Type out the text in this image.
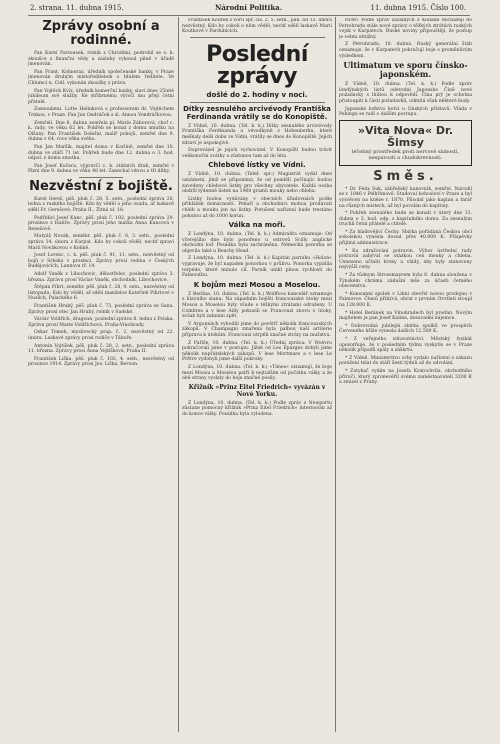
2. strana. 11. dubna 1915.	Národní Politika.	11. dubna 1915. Číslo 100.
Zprávy osobní a rodinné.

Pan Karel Pavlousek, rolník z Chrudimi, podrobil se s. k. zkoušce z finanční vědy a zásluhy vykonal pilně v úřadě jmenován.

Pan Frant. Kolmeraz, úředník společenské banky, v Praze jmenován druhým místoředitelem s titulem ředitele. Ve Chlumci n. Cidl. vykonán zkoušky z práva.

Pan Vojtěch Kvíz, úředník komerční banky, slaví dnes 25leté jubileum své služby. Ke stříbrnému výročí mu přejí četní přátelé.

Zasnoubení. Lotte Helmková s professorem dr. Vojtěchem Trnkou, v Praze. Pan Jan Ondráček s sl. Annou Vondráčkovou.

Zemřeli. Dne 8. dubna zemřela pí. Marie Záhorová, choť c. k. rady, ve věku 62 let. Pohřeb se konal z domu smutku na Olšany. Pan František Doležal, malíř pokojů, zemřel dne 9. dubna v 64. roce věku svého.

Pan Jan Maršík, majitel domu v Karlíně, zemřel dne 10. dubna ve stáří 71 let. Pohřeb bude dne 12. dubna o 3. hod. odpol. z domu smutku.

Pan Josef Kučera, výpravčí c. k. státních drah, zemřel v Plzni dne 9. dubna ve věku 48 let. Zanechal vdovu a tři dítky.

Nezvěstní z bojiště.

Karel Gereš, pěš. pluk č. 28, 5. setn., poslední zpráva 20. ledna z ruského bojiště. Kdo by věděl o jeho osudu, ať laskavě sdělí Fr. Gerešové, Praha II., Žitná ul. 18.

Podřídíci Josef Kunc, pěš. pluk č. 102, poslední zpráva 29. prosince z Haliče. Zprávy prosí jeho matka Anna Kuncová v Benešově.

Matyáš Novák, zeměbr. pěš. pluk č. 8, 3. setn., poslední zpráva 14. února z Karpat. Kdo by cokoli věděl, nechť zpraví Marii Novákovou v Kolíně.

Josef Lorenc, c. k. pěš. pluk č. 91, 11. setn., nezvěstný od bojů v Srbsku v prosinci. Zprávy prosí rodina v Českých Budějovicích, Lannova tř. 14.

Adolf Vaněk z Libochovic, dělostřelec, poslední zpráva 3. března. Zprávu prosí Václav Vaněk, obchodník, Libochovice.

Štěpán Píhrt, zeměbr. pěš. pluk č. 28, 9. setn., nezvěstný od listopadu. Kdo by věděl, ať sdělí manželce Kateřině Píhrtové v Nuslích, Palackého 6.

František Hrubý, pěš. pluk č. 73, poslední zpráva ze Sanu. Zprávy prosí otec Jan Hrubý, rolník v Sadské.

Václav Voldřich, dragoun, poslední zpráva 8. ledna z Polska. Zprávu prosí Marie Voldřichová, Praha-Vinohrady.

Oskar Tomek, myslivecký prap. č. 2, nezvěstný od 22. února. Laskavé zprávy prosí rodiče v Táboře.

Antonín Vojtíšek, pěš. pluk č. 28, 2. setn., poslední zpráva 11. března. Zprávy prosí Anna Vojtíšková, Praha II.

František Liška, pěš. pluk č. 102, 4. setn., nezvěstný od prosince 1914. Zprávy prosí Jos. Liška, Beroun.

František Koutek z voru spr. čís. 2, 5. setn., pan. od 13. února nezvěstný. Kdo by cokoli o něm věděl, nechť sdělí laskavě Marii Koutkové v Pardubicích.

Poslední zprávy
došlé do 2. hodiny v noci.
Dítky zesnulého arcivévody Františka Ferdinanda vrátily se do Konopiště.

Z Vídně, 10. dubna. (Tel. k. k.) Dítky zesnulého arcivévody Františka Ferdinanda a vévodkyně z Hohenberku, které meškaly delší dobu ve Vídni, vrátily se dnes do Konopiště. Jejich zdraví je uspokojivé.

Doprovázel je jejich vychovatel. V Konopišti budou trávit velikonoční svátky a zůstanou tam až do léta.

Chlebové lístky ve Vídni.

Z Vídně, 10. dubna. (Telef. spr.) Magistrát vydal dnes oznámení, jímž se připomíná, že od pondělí počínajíc budou zavedeny chlebové lístky pro všechny obyvatele. Každá osoba obdrží týdenně lístek na 1960 gramů mouky nebo chleba.

Lístky budou vydávány v obecních úřadovnách podle přihlášek domácností. Pekaři a obchodníci mohou prodávati chléb a mouku jen na lístky. Porušení nařízení bude trestáno pokutou až do 1000 korun.

Válka na moři.

Z Londýna, 10. dubna. (Tel. k. k.) Admiralita oznamuje: Od včerejšího dne bylo ponořeno u ostrovů Scilly anglické obchodní loď. Posádka byla zachráněna. Německá ponorka se objevila také u Beachy Head.

Z Londýna, 10. dubna. (Tel. k. k.) Kapitán parníku »Holon« vypravuje, že byl napaden ponorkou v průlivu. Ponorka vypálila torpédo, které minulo cíl. Parník unikl plnou rychlostí do Falmouthu.

K bojům mezi Mosou a Moselou.

Z Berlína, 10. dubna. (Tel. k. k.) Wolffova kancelář oznamuje z hlavního stanu: Na západním bojišti francouzské útoky mezi Mosou a Moselou byly všude s těžkými ztrátami odraženy. U Combres a v lese Ailly pokusili se Francouzi znovu o útoky, avšak byli zahnáni zpět.

V Argonnách vyhodili jsme do povětří několik francouzských zákopů. V Champagni zmařena byla palbou naší artilerie příprava k útokům. Francouzi utrpěli značné ztráty na mužstvu.

Z Paříže, 10. dubna. (Tel. k. k.) Úřední zpráva: V Woëvru pokračovali jsme v postupu. Jižně od Les Éparges dobyli jsme několik nepřátelských zákopů. V lese Mortmare a v lese Le Prêtre vydobyli jsme další pokroky.

Z Londýna, 10. dubna. (Tel. k. k.) »Times« oznamují, že boje mezi Mosou a Moselou patří k nejtužším od počátku války a že obě strany vyslaly do boje značné posily.

Křižník »Prinz Eitel Friedrich« vyvázán v Nové Yorku.

Z Londýna, 10. dubna. (Tel. k. k.) Podle zpráv z Newportu zůstane pomocný křižník »Prinz Eitel Friedrich« internován až do konce války. Posádka byla vylodena.

richt« Podle zpráv zaslaných z Kodaně docházejí do Petrohradu stále nové zprávy o těžkých ztrátách ruských vojsk v Karpatech. Ruské noviny připouštějí, že postup je velmi obtížný.

Z Petrohradu, 10. dubna. Ruský generální štáb oznamuje, že v Karpatech pokračují boje s proměnlivým výsledkem.

Ultimatum ve sporu čínsko-japonském.

Z Vídně, 10. dubna. (Tel. k. k.) Podle zpráv londýnských listů odevzdal Japonsko Číně nové požadavky s lhůtou k odpovědi. Čína prý je ochotna přistoupiti k části požadavků, odmítá však některé body.

Japonské loďstvo kotví u čínských přístavů. Vláda v Pekingu se radí o dalším postupu.

»Vita Nova« Dr. Šimsy
léčebný prostředek proti nervové slabosti, nespavosti a chudokrevnosti.
Směs.

* Dr. Felix Suk, zábřežský kanovník, zemřel. Narodil se r. 1846 v Pelhřimově. Studoval bohosloví v Praze a byl vysvěcen na kněze r. 1870. Působil jako kaplan a farář na různých místech, až byl povolán do kapituly.

* Pohřeb zesnulého bude se konati v úterý dne 13. dubna o 3. hod. odp. z kapitulního domu. Za zesnulým truchlí četní přátelé a ctitelé.

* Za hladovějící Čechy. Sbírka pořádaná Českou obcí sokolskou vynesla dosud přes 40.000 K. Příspěvky přijímá administrace.

* Ku zdražování potravin. Výbor ústřední rady potravní zabýval se otázkou cen mouky a chleba. Usneseno učiniti kroky u vlády, aby byly stanoveny nejvyšší ceny.

* Za tůdnym Strossmayrem byla 8. dubna sloužena v Týnském chrámu zádušní mše za účasti četného obecenstva.

* Konsumní spolek v Libni otevřel novou prodejnu v Palmovce. Členů přibývá, obrat v prvním čtvrtletí stoupl na 128.000 K.

* Hotel Beránek na Vinohradech byl prodán. Novým majitelem je pan Josef Kalina, dosavadní nájemce.

* Dobrovolná jubilejní sbírka spolků ve prospěch Červeného kříže vynesla dalších 12.500 K.

* Z veřejného zdravotnictví. Městský fysikát upozorňuje, že v posledním týdnu vyskytlo se v Praze několik případů spály a záškrtu.

* Z Vídně. Ministerstvo orby vydalo nařízení o zákazu porážení telat do stáří šesti týdnů až do odvolání.

* Zatykač vydán na Josefa Kratochvíla, obchodního příručí, který zpronevěřil svému zaměstnavateli 3200 K a zmizel z Prahy.
